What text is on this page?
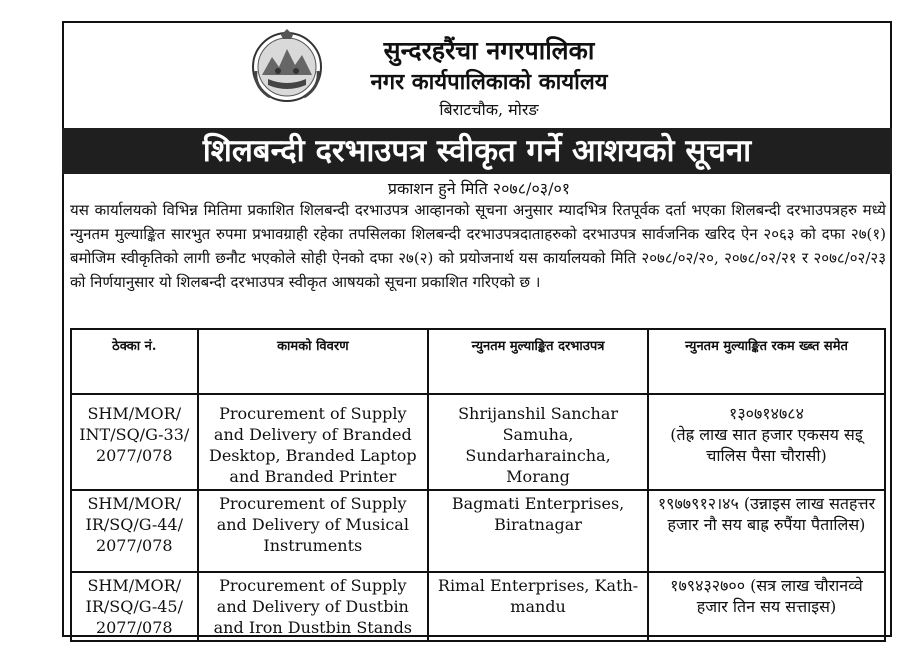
सुन्दरहरैंचा नगरपालिका
नगर कार्यपालिकाको कार्यालय
बिराटचौक, मोरङ
शिलबन्दी दरभाउपत्र स्वीकृत गर्ने आशयको सूचना
प्रकाशन हुने मिति २०७८/०३/०१
यस कार्यालयको विभिन्न मितिमा प्रकाशित शिलबन्दी दरभाउपत्र आव्हानको सूचना अनुसार म्यादभित्र रितपूर्वक दर्ता भएका शिलबन्दी दरभाउपत्रहरु मध्ये न्युनतम मुल्याङ्कित सारभुत रुपमा प्रभावग्राही रहेका तपसिलका शिलबन्दी दरभाउपत्रदाताहरुको दरभाउपत्र सार्वजनिक खरिद ऐन २०६३ को दफा २७(१) बमोजिम स्वीकृतिको लागी छनौट भएकोले सोही ऐनको दफा २७(२) को प्रयोजनार्थ यस कार्यालयको मिति २०७८/०२/२०, २०७८/०२/२१ र २०७८/०२/२३ को निर्णयानुसार यो शिलबन्दी दरभाउपत्र स्वीकृत आषयको सूचना प्रकाशित गरिएको छ ।
ठेक्का नं.	कामको विवरण	न्युनतम मुल्याङ्कित दरभाउपत्र	न्युनतम मुल्याङ्कित रकम ख्ब्त समेत
SHM/MOR/ INT/SQ/G-33/ 2077/078	Procurement of Supply and Delivery of Branded Desktop, Branded Laptop and Branded Printer	Shrijanshil Sanchar Samuha, Sundarharaincha, Morang	१३०७१४७८४
(तेह्र लाख सात हजार एकसय सइ् चालिस पैसा चौरासी)

SHM/MOR/ IR/SQ/G-44/ 2077/078	Procurement of Supply and Delivery of Musical Instruments	Bagmati Enterprises, Biratnagar	१९७७९१२।४५ (उन्नाइस लाख सतहत्तर हजार नौ सय बाह्र रुपैंया पैतालिस)
SHM/MOR/ IR/SQ/G-45/ 2077/078	Procurement of Supply and Delivery of Dustbin and Iron Dustbin Stands	Rimal Enterprises, Kath-mandu	१७९४३२७०० (सत्र लाख चौरानव्वे हजार तिन सय सत्ताइस)
